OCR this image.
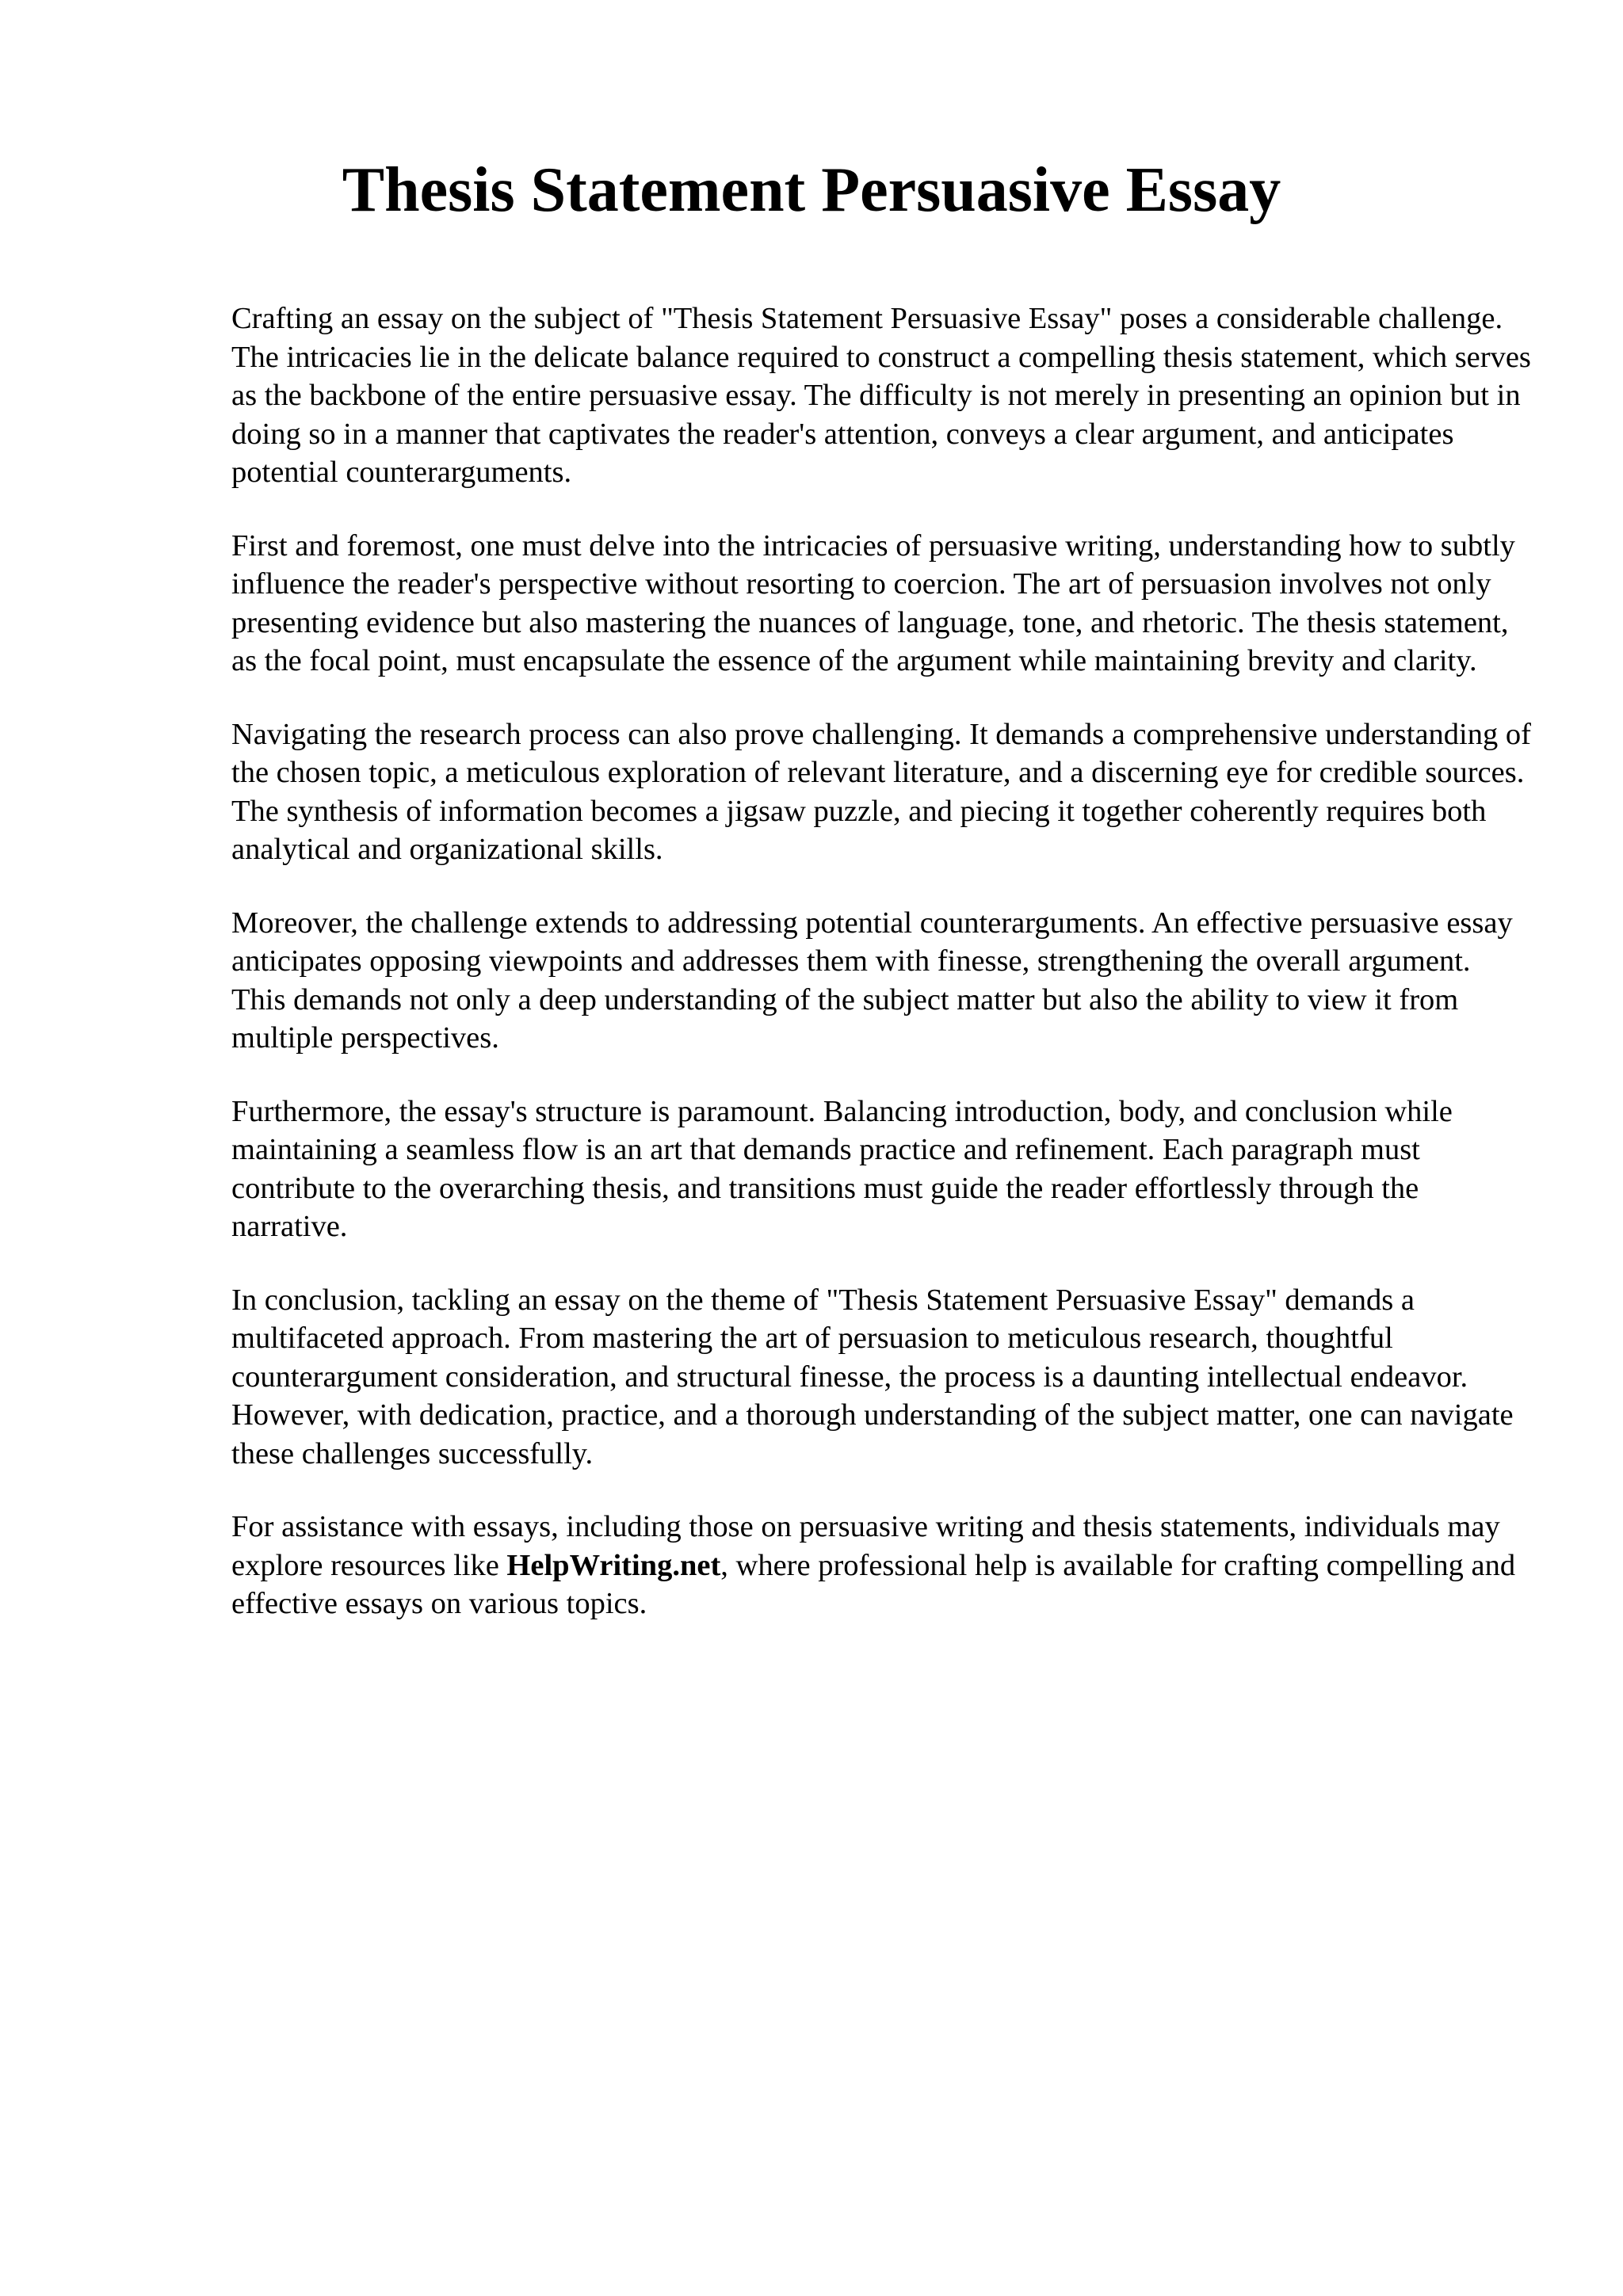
Thesis Statement Persuasive Essay

Crafting an essay on the subject of "Thesis Statement Persuasive Essay" poses a considerable challenge. The intricacies lie in the delicate balance required to construct a compelling thesis statement, which serves as the backbone of the entire persuasive essay. The difficulty is not merely in presenting an opinion but in doing so in a manner that captivates the reader's attention, conveys a clear argument, and anticipates potential counterarguments.

First and foremost, one must delve into the intricacies of persuasive writing, understanding how to subtly influence the reader's perspective without resorting to coercion. The art of persuasion involves not only presenting evidence but also mastering the nuances of language, tone, and rhetoric. The thesis statement, as the focal point, must encapsulate the essence of the argument while maintaining brevity and clarity.

Navigating the research process can also prove challenging. It demands a comprehensive understanding of the chosen topic, a meticulous exploration of relevant literature, and a discerning eye for credible sources. The synthesis of information becomes a jigsaw puzzle, and piecing it together coherently requires both analytical and organizational skills.

Moreover, the challenge extends to addressing potential counterarguments. An effective persuasive essay anticipates opposing viewpoints and addresses them with finesse, strengthening the overall argument. This demands not only a deep understanding of the subject matter but also the ability to view it from multiple perspectives.

Furthermore, the essay's structure is paramount. Balancing introduction, body, and conclusion while maintaining a seamless flow is an art that demands practice and refinement. Each paragraph must contribute to the overarching thesis, and transitions must guide the reader effortlessly through the narrative.

In conclusion, tackling an essay on the theme of "Thesis Statement Persuasive Essay" demands a multifaceted approach. From mastering the art of persuasion to meticulous research, thoughtful counterargument consideration, and structural finesse, the process is a daunting intellectual endeavor. However, with dedication, practice, and a thorough understanding of the subject matter, one can navigate these challenges successfully.

For assistance with essays, including those on persuasive writing and thesis statements, individuals may explore resources like HelpWriting.net, where professional help is available for crafting compelling and effective essays on various topics.
